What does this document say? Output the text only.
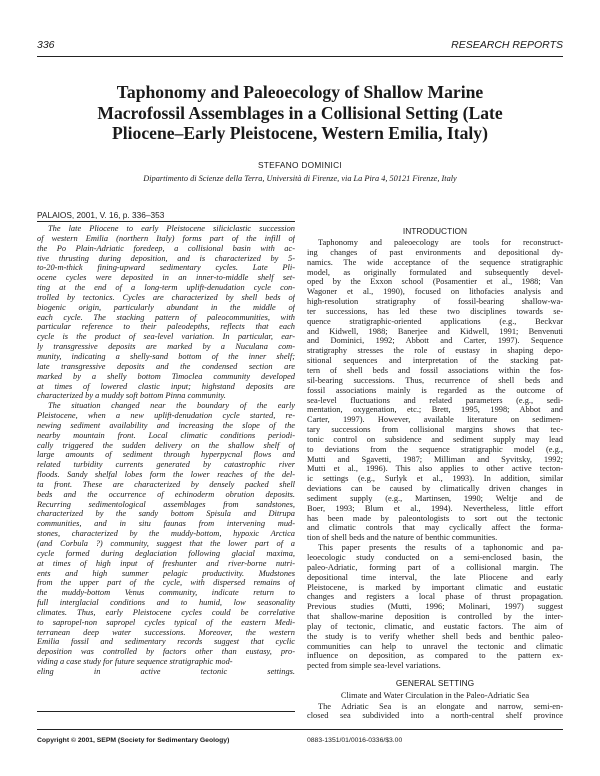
336	RESEARCH REPORTS
Taphonomy and Paleoecology of Shallow Marine
Macrofossil Assemblages in a Collisional Setting (Late
Pliocene–Early Pleistocene, Western Emilia, Italy)
STEFANO DOMINICI
Dipartimento di Scienze della Terra, Università di Firenze, via La Pira 4, 50121 Firenze, Italy
PALAIOS, 2001, V. 16, p. 336–353
The late Pliocene to early Pleistocene siliciclastic succession
of western Emilia (northern Italy) forms part of the infill of
the Po Plain-Adriatic foredeep, a collisional basin with ac-
tive thrusting during deposition, and is characterized by 5-
to-20-m-thick fining-upward sedimentary cycles. Late Pli-
ocene cycles were deposited in an inner-to-middle shelf set-
ting at the end of a long-term uplift-denudation cycle con-
trolled by tectonics. Cycles are characterized by shell beds of
biogenic origin, particularly abundant in the middle of
each cycle. The stacking pattern of paleocommunities, with
particular reference to their paleodepths, reflects that each
cycle is the product of sea-level variation. In particular, ear-
ly transgressive deposits are marked by a Nuculana com-
munity, indicating a shelly-sand bottom of the inner shelf;
late transgressive deposits and the condensed section are
marked by a shelly bottom Timoclea community developed
at times of lowered clastic input; highstand deposits are
characterized by a muddy soft bottom Pinna community.
The situation changed near the boundary of the early
Pleistocene, when a new uplift-denudation cycle started, re-
newing sediment availability and increasing the slope of the
nearby mountain front. Local climatic conditions periodi-
cally triggered the sudden delivery on the shallow shelf of
large amounts of sediment through hyperpycnal flows and
related turbidity currents generated by catastrophic river
floods. Sandy shelfal lobes form the lower reaches of the del-
ta front. These are characterized by densely packed shell
beds and the occurrence of echinoderm obrution deposits.
Recurring sedimentological assemblages from sandstones,
characterized by the sandy bottom Spisula and Ditrupa
communities, and in situ faunas from intervening mud-
stones, characterized by the muddy-bottom, hypoxic Arctica
(and Corbula ?) community, suggest that the lower part of a
cycle formed during deglaciation following glacial maxima,
at times of high input of freshunter and river-borne nutri-
ents and high summer pelagic productivity. Mudstones
from the upper part of the cycle, with dispersed remains of
the muddy-bottom Venus community, indicate return to
full interglacial conditions and to humid, low seasonality
climates. Thus, early Pleistocene cycles could be correlative
to sapropel-non sapropel cycles typical of the eastern Medi-
terranean deep water successions. Moreover, the western
Emilia fossil and sedimentary records suggest that cyclic
deposition was controlled by factors other than eustasy, pro-
viding a case study for future sequence stratigraphic mod-
eling in active tectonic settings.
INTRODUCTION
Taphonomy and paleoecology are tools for reconstruct-
ing changes of past environments and depositional dy-
namics. The wide acceptance of the sequence stratigraphic
model, as originally formulated and subsequently devel-
oped by the Exxon school (Posamentier et al., 1988; Van
Wagoner et al., 1990), focused on lithofacies analysis and
high-resolution stratigraphy of fossil-bearing shallow-wa-
ter successions, has led these two disciplines towards se-
quence stratigraphic-oriented applications (e.g., Beckvar
and Kidwell, 1988; Banerjee and Kidwell, 1991; Benvenuti
and Dominici, 1992; Abbott and Carter, 1997). Sequence
stratigraphy stresses the role of eustasy in shaping depo-
sitional sequences and interpretation of the stacking pat-
tern of shell beds and fossil associations within the fos-
sil-bearing successions. Thus, recurrence of shell beds and
fossil associations mainly is regarded as the outcome of
sea-level fluctuations and related parameters (e.g., sedi-
mentation, oxygenation, etc.; Brett, 1995, 1998; Abbot and
Carter, 1997). However, available literature on sedimen-
tary successions from collisional margins shows that tec-
tonic control on subsidence and sediment supply may lead
to deviations from the sequence stratigraphic model (e.g.,
Mutti and Sgavetti, 1987; Milliman and Syvitsky, 1992;
Mutti et al., 1996). This also applies to other active tecton-
ic settings (e.g., Surlyk et al., 1993). In addition, similar
deviations can be caused by climatically driven changes in
sediment supply (e.g., Martinsen, 1990; Weltje and de
Boer, 1993; Blum et al., 1994). Nevertheless, little effort
has been made by paleontologists to sort out the tectonic
and climatic controls that may cyclically affect the forma-
tion of shell beds and the nature of benthic communities.
This paper presents the results of a taphonomic and pa-
leoecologic study conducted on a semi-enclosed basin, the
paleo-Adriatic, forming part of a collisional margin. The
depositional time interval, the late Pliocene and early
Pleistocene, is marked by important climatic and eustatic
changes and registers a local phase of thrust propagation.
Previous studies (Mutti, 1996; Molinari, 1997) suggest
that shallow-marine deposition is controlled by the inter-
play of tectonic, climatic, and eustatic factors. The aim of
the study is to verify whether shell beds and benthic paleo-
communities can help to unravel the tectonic and climatic
influence on deposition, as compared to the pattern ex-
pected from simple sea-level variations.
GENERAL SETTING
Climate and Water Circulation in the Paleo-Adriatic Sea
The Adriatic Sea is an elongate and narrow, semi-en-
closed sea subdivided into a north-central shelf province
Copyright © 2001, SEPM (Society for Sedimentary Geology)	0883-1351/01/0016-0336/$3.00
